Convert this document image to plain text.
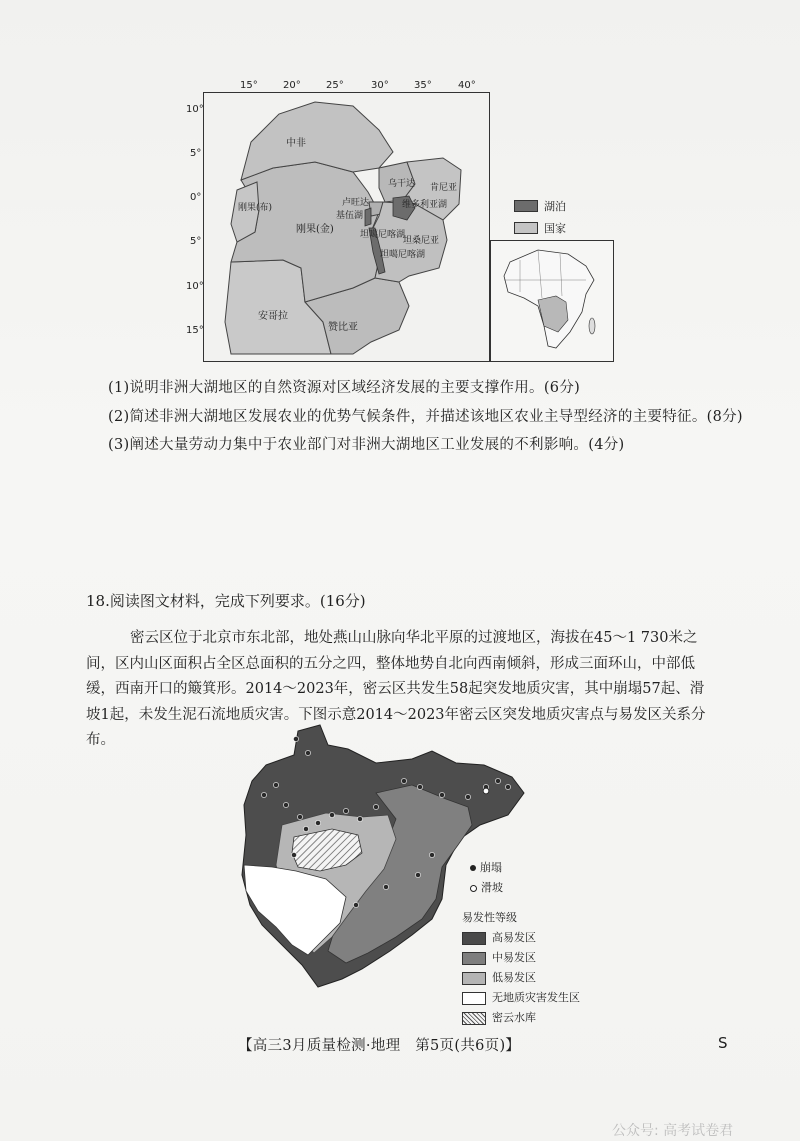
15°	20°	25°	30°	35°	40°
10°
5°
0°
5°
10°
15°
中非
刚果(布)
刚果(金)
安哥拉
赞比亚
卢旺达
乌干达 肯尼亚
坦桑尼亚
基伍湖
维多利亚湖
坦噶尼喀湖
坦噶尼喀湖
湖泊
国家
(1)说明非洲大湖地区的自然资源对区域经济发展的主要支撑作用。(6分)
(2)简述非洲大湖地区发展农业的优势气候条件，并描述该地区农业主导型经济的主要特征。(8分)
(3)阐述大量劳动力集中于农业部门对非洲大湖地区工业发展的不利影响。(4分)
18.阅读图文材料，完成下列要求。(16分)
密云区位于北京市东北部，地处燕山山脉向华北平原的过渡地区，海拔在45～1 730米之间，区内山区面积占全区总面积的五分之四，整体地势自北向西南倾斜，形成三面环山，中部低缓，西南开口的簸箕形。2014～2023年，密云区共发生58起突发地质灾害，其中崩塌57起、滑坡1起，未发生泥石流地质灾害。下图示意2014～2023年密云区突发地质灾害点与易发区关系分布。
崩塌
滑坡
易发性等级
高易发区
中易发区
低易发区
无地质灾害发生区
密云水库
【高三3月质量检测·地理　第5页(共6页)】	S
公众号: 高考试卷君
